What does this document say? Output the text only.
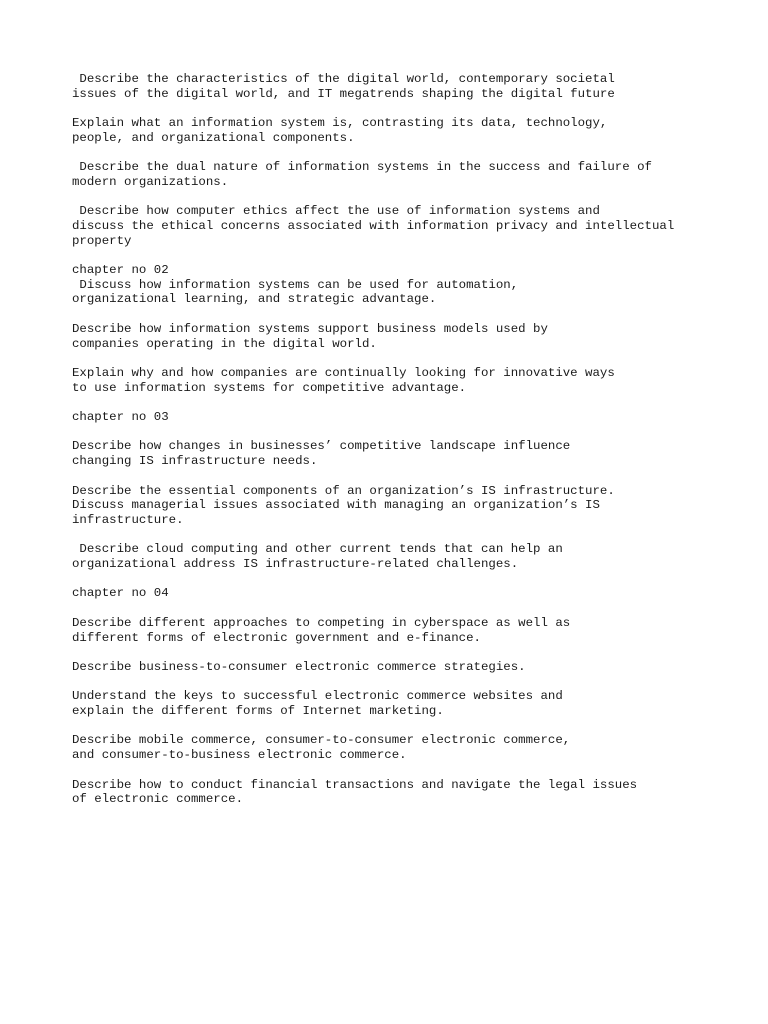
Describe the characteristics of the digital world, contemporary societal
issues of the digital world, and IT megatrends shaping the digital future
Explain what an information system is, contrasting its data, technology,
people, and organizational components.
Describe the dual nature of information systems in the success and failure of
modern organizations.
Describe how computer ethics affect the use of information systems and
discuss the ethical concerns associated with information privacy and intellectual
property
chapter no 02
Discuss how information systems can be used for automation,
organizational learning, and strategic advantage.
Describe how information systems support business models used by
companies operating in the digital world.
Explain why and how companies are continually looking for innovative ways
to use information systems for competitive advantage.
chapter no 03
Describe how changes in businesses’ competitive landscape influence
changing IS infrastructure needs.
Describe the essential components of an organization’s IS infrastructure.
Discuss managerial issues associated with managing an organization’s IS
infrastructure.
Describe cloud computing and other current tends that can help an
organizational address IS infrastructure-related challenges.
chapter no 04
Describe different approaches to competing in cyberspace as well as
different forms of electronic government and e-finance.
Describe business-to-consumer electronic commerce strategies.
Understand the keys to successful electronic commerce websites and
explain the different forms of Internet marketing.
Describe mobile commerce, consumer-to-consumer electronic commerce,
and consumer-to-business electronic commerce.
Describe how to conduct financial transactions and navigate the legal issues
of electronic commerce.
